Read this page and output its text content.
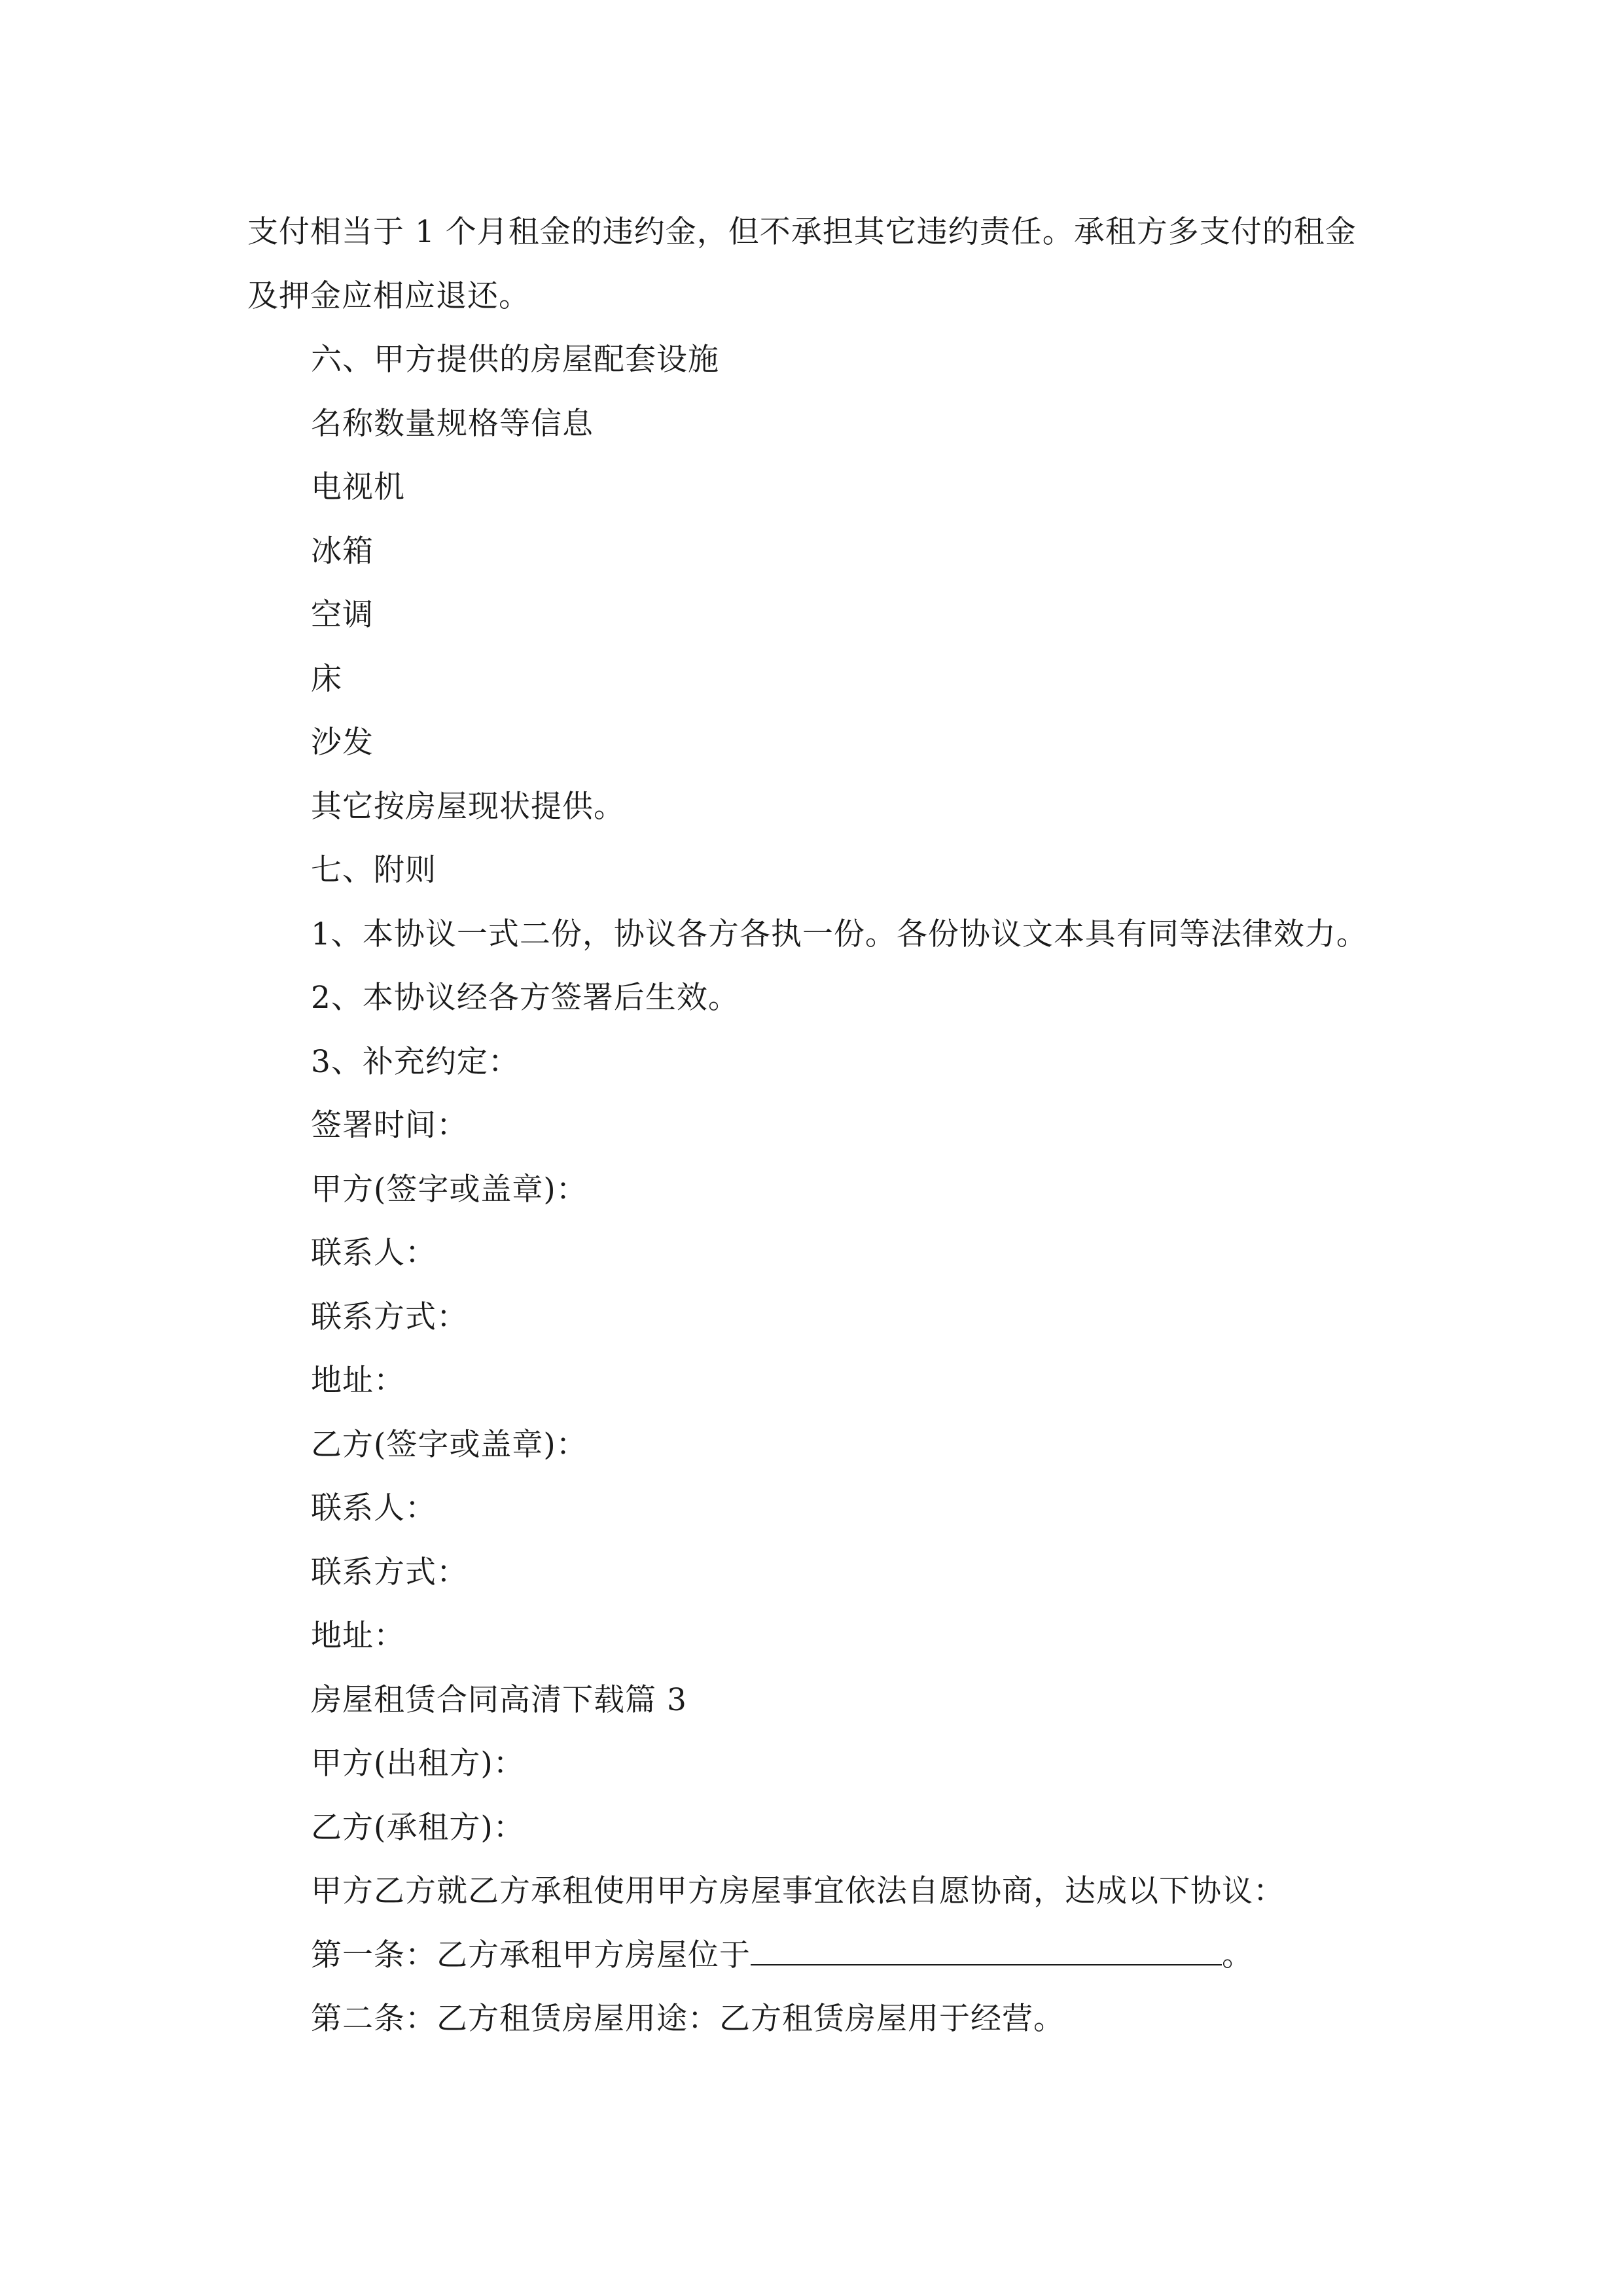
支付相当于 1 个月租金的违约金，但不承担其它违约责任。承租方多支付的租金
及押金应相应退还。
六、甲方提供的房屋配套设施
名称数量规格等信息
电视机
冰箱
空调
床
沙发
其它按房屋现状提供。
七、附则
1、本协议一式二份，协议各方各执一份。各份协议文本具有同等法律效力。
2、本协议经各方签署后生效。
3、补充约定：
签署时间：
甲方(签字或盖章)：
联系人：
联系方式：
地址：
乙方(签字或盖章)：
联系人：
联系方式：
地址：
房屋租赁合同高清下载篇 3
甲方(出租方)：
乙方(承租方)：
甲方乙方就乙方承租使用甲方房屋事宜依法自愿协商，达成以下协议：
第一条：乙方承租甲方房屋位于	。
第二条：乙方租赁房屋用途：乙方租赁房屋用于经营。
